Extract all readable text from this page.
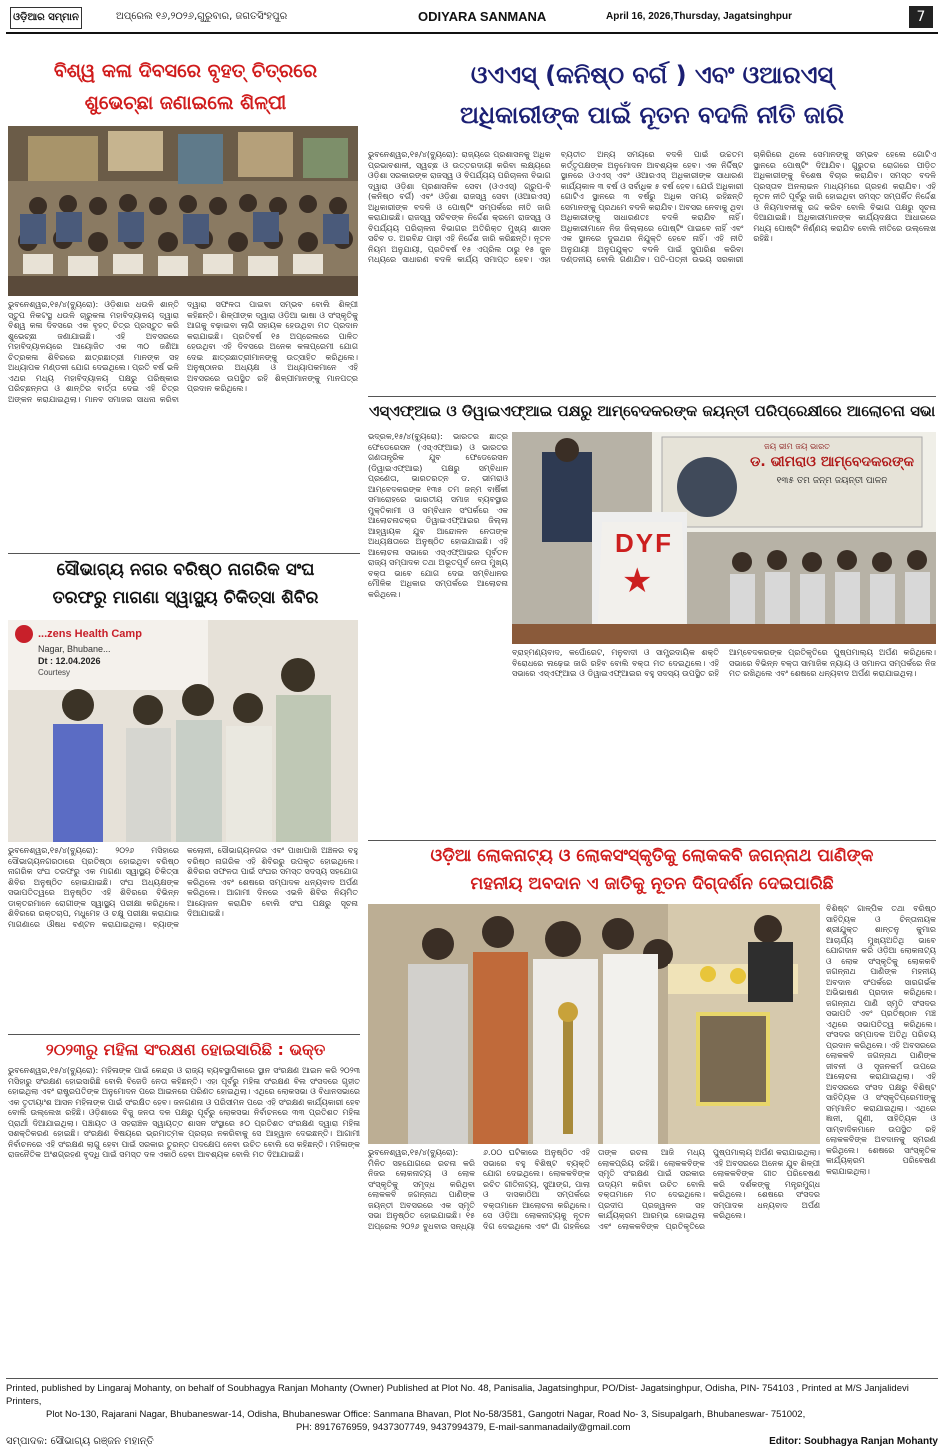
ଓଡ଼ିଆର ସମ୍ମାନ	ଅପ୍ରେଲ ୧୬,୨୦୨୬,ଗୁରୁବାର, ଜଗତସିଂହପୁର	ODIYARA SANMANA	April 16, 2026,Thursday, Jagatsinghpur	7
ବିଶ୍ୱ କଳା ଦିବସରେ ବୃହତ୍ ଚିତ୍ରରେ
ଶୁଭେଚ୍ଛା ଜଣାଇଲେ ଶିଳ୍ପୀ
ଭୁବନେଶ୍ୱର,୧୫/୪(ବ୍ୟୁରୋ): ଓଡ଼ିଶାର ଧଉଳି ଶାନ୍ତି ସ୍ତୁପ ନିକଟସ୍ଥ ଧଉଳି ଚାରୁକଳା ମହାବିଦ୍ୟାଳୟ ଦ୍ୱାରା ବିଶ୍ୱ କଳା ଦିବସରେ ଏକ ବୃହତ୍ ଚିତ୍ର ପ୍ରସ୍ତୁତ କରି ଶୁଭେଚ୍ଛା ଜଣାଯାଇଛି। ଏହି ଅବସରରେ ମହାବିଦ୍ୟାଳୟରେ ଆୟୋଜିତ ଏକ ୩୦ ଜଣିଆ ଚିତ୍ରକଳା ଶିବିରରେ ଛାତ୍ରଛାତ୍ରୀ ମାନଙ୍କ ସହ ଅଧ୍ୟାପକ ମଣ୍ଡଳୀ ଯୋଗ ଦେଇଥିଲେ। ପ୍ରତି ବର୍ଷ ଭଳି ଏଥର ମଧ୍ୟ ମହାବିଦ୍ୟାଳୟ ପକ୍ଷରୁ ପରିଷ୍କାର ପରିଚ୍ଛନ୍ନତା ଓ ଶାନ୍ତିର ବାର୍ତ୍ତା ଦେଇ ଏହି ଚିତ୍ର ଅଙ୍କନ କରାଯାଇଥିଲା। ମାନବ ସମାଜର ସାଧନା କରିବା ଦ୍ୱାରା ସଫଳତା ପାଇବା ସମ୍ଭବ ବୋଲି ଶିଳ୍ପୀ କହିଛନ୍ତି। ଶିଳ୍ପୀଙ୍କ ଦ୍ୱାରା ଓଡ଼ିଆ ଭାଷା ଓ ସଂସ୍କୃତିକୁ ଆଗକୁ ବଢ଼ାଇବା ଲାଗି ସହାୟକ ହେଉଥିବା ମତ ପ୍ରଦାନ କରାଯାଇଛି। ପ୍ରତିବର୍ଷ ୧୫ ଅପ୍ରେଲରେ ପାଳିତ ହେଉଥିବା ଏହି ଦିବସରେ ଅନେକ କଳାପ୍ରେମୀ ଯୋଗ ଦେଇ ଛାତ୍ରଛାତ୍ରୀମାନଙ୍କୁ ଉତ୍ସାହିତ କରିଥିଲେ। ଅନୁଷ୍ଠାନର ଅଧ୍ୟକ୍ଷ ଓ ଅଧ୍ୟାପକମାନେ ଏହି ଅବସରରେ ଉପସ୍ଥିତ ରହି ଶିଳ୍ପୀମାନଙ୍କୁ ମାନପତ୍ର ପ୍ରଦାନ କରିଥିଲେ।
ସୌଭାଗ୍ୟ ନଗର ବରିଷ୍ଠ ନାଗରିକ ସଂଘ
ତରଫରୁ ମାଗଣା ସ୍ୱାସ୍ଥ୍ୟ ଚିକିତ୍ସା ଶିବିର
...zens Health Camp
Nagar, Bhubane...
Dt : 12.04.2026
Courtesy
ଭୁବନେଶ୍ୱର,୧୫/୪(ବ୍ୟୁରୋ): ୨୦୨୬ ମସିହାରେ ସୌଭାଗ୍ୟନଗରଠାରେ ପ୍ରତିଷ୍ଠା ହୋଇଥିବା ବରିଷ୍ଠ ନାଗରିକ ସଂଘ ତରଫରୁ ଏକ ମାଗଣା ସ୍ୱାସ୍ଥ୍ୟ ଚିକିତ୍ସା ଶିବିର ଅନୁଷ୍ଠିତ ହୋଇଯାଇଛି। ସଂଘ ଅଧ୍ୟକ୍ଷଙ୍କ ସଭାପତିତ୍ୱରେ ଅନୁଷ୍ଠିତ ଏହି ଶିବିରରେ ବିଭିନ୍ନ ଡାକ୍ତରମାନେ ରୋଗୀଙ୍କ ସ୍ୱାସ୍ଥ୍ୟ ପରୀକ୍ଷା କରିଥିଲେ। ଶିବିରରେ ରକ୍ତଚାପ, ମଧୁମେହ ଓ ଚକ୍ଷୁ ପରୀକ୍ଷା କରାଯାଇ ମାଗଣାରେ ଔଷଧ ବଣ୍ଟନ କରାଯାଇଥିଲା। ବ୍ୟାଙ୍କ କଲୋନୀ, ସୌଭାଗ୍ୟନଗର ଏବଂ ପାଖାପାଖି ଅଞ୍ଚଳର ବହୁ ବରିଷ୍ଠ ନାଗରିକ ଏହି ଶିବିରରୁ ଉପକୃତ ହୋଇଥିଲେ। ଶିବିରର ସଫଳତା ପାଇଁ ସଂଘର ସମସ୍ତ ସଦସ୍ୟ ସହଯୋଗ କରିଥିଲେ ଏବଂ ଶେଷରେ ସମ୍ପାଦକ ଧନ୍ୟବାଦ ଅର୍ପଣ କରିଥିଲେ। ଆଗାମୀ ଦିନରେ ଏଭଳି ଶିବିର ନିୟମିତ ଆୟୋଜନ କରାଯିବ ବୋଲି ସଂଘ ପକ୍ଷରୁ ସୂଚନା ଦିଆଯାଇଛି।
୨୦୨୩ରୁ ମହିଳା ସଂରକ୍ଷଣ ହୋଇସାରିଛି : ଭକ୍ତ
ଭୁବନେଶ୍ୱର,୧୫/୪(ବ୍ୟୁରୋ): ମହିଳାଙ୍କ ପାଇଁ କେନ୍ଦ୍ର ଓ ରାଜ୍ୟ ବ୍ୟବସ୍ଥାପିକାରେ ସ୍ଥାନ ସଂରକ୍ଷଣ ଆଇନ କରି ୨୦୨୩ ମସିହାରୁ ସଂରକ୍ଷଣ ହୋଇସାରିଛି ବୋଲି ବିଜେଡି ନେତା କହିଛନ୍ତି। ଏହା ପୂର୍ବରୁ ମହିଳା ସଂରକ୍ଷଣ ବିଲ ସଂସଦରେ ଗୃହୀତ ହୋଇଥିଲା ଏବଂ ରାଷ୍ଟ୍ରପତିଙ୍କ ଅନୁମୋଦନ ପରେ ଆଇନରେ ପରିଣତ ହୋଇଥିଲା। ଏଥିରେ ଲୋକସଭା ଓ ବିଧାନସଭାରେ ଏକ ତୃତୀୟାଂଶ ଆସନ ମହିଳାଙ୍କ ପାଇଁ ସଂରକ୍ଷିତ ହେବ। ଜନଗଣନା ଓ ପରିସୀମନ ପରେ ଏହି ସଂରକ୍ଷଣ କାର୍ଯ୍ୟକାରୀ ହେବ ବୋଲି ଉଲ୍ଲେଖ ରହିଛି। ଓଡ଼ିଶାରେ ବିଜୁ ଜନତା ଦଳ ପକ୍ଷରୁ ପୂର୍ବରୁ ଲୋକସଭା ନିର୍ବାଚନରେ ୩୩ ପ୍ରତିଶତ ମହିଳା ପ୍ରାର୍ଥୀ ଦିଆଯାଇଥିଲା। ପଞ୍ଚାୟତ ଓ ସହରାଞ୍ଚଳ ସ୍ୱାୟତ୍ତ ଶାସନ ସଂସ୍ଥାରେ ୫୦ ପ୍ରତିଶତ ସଂରକ୍ଷଣ ଦ୍ୱାରା ମହିଳା ସଶକ୍ତିକରଣ ହୋଇଛି। ସଂରକ୍ଷଣ ବିଷୟରେ ଭ୍ରମାତ୍ମକ ପ୍ରଚାର ନକରିବାକୁ ସେ ଆହ୍ୱାନ ଦେଇଛନ୍ତି। ଆଗାମୀ ନିର୍ବାଚନରେ ଏହି ସଂରକ୍ଷଣ ଲାଗୁ ହେବା ପାଇଁ ସରକାର ତୁରନ୍ତ ପଦକ୍ଷେପ ନେବା ଉଚିତ ବୋଲି ସେ କହିଛନ୍ତି। ମହିଳାଙ୍କ ରାଜନୈତିକ ଅଂଶଗ୍ରହଣ ବୃଦ୍ଧି ପାଇଁ ସମସ୍ତ ଦଳ ଏକାଠି ହେବା ଆବଶ୍ୟକ ବୋଲି ମତ ଦିଆଯାଇଛି।
ଓଏଏସ୍ (କନିଷ୍ଠ ବର୍ଗ ) ଏବଂ ଓଆରଏସ୍
ଅଧିକାରୀଙ୍କ ପାଇଁ ନୂତନ ବଦଳି ନୀତି ଜାରି
ଭୁବନେଶ୍ୱର,୧୫/୪(ବ୍ୟୁରୋ): ରାଜ୍ୟରେ ପ୍ରଶାସନକୁ ଅଧିକ ପ୍ରଭାବଶାଳୀ, ସ୍ୱଚ୍ଛ ଓ ଉତ୍ତରଦାୟୀ କରିବା ଲକ୍ଷ୍ୟରେ ଓଡ଼ିଶା ସରକାରଙ୍କ ରାଜସ୍ୱ ଓ ବିପର୍ଯ୍ୟୟ ପରିଚାଳନା ବିଭାଗ ଦ୍ୱାରା ଓଡ଼ିଶା ପ୍ରଶାସନିକ ସେବା (ଓଏଏସ୍) ଗ୍ରୁପ-ବି (କନିଷ୍ଠ ବର୍ଗ) ଏବଂ ଓଡ଼ିଶା ରାଜସ୍ୱ ସେବା (ଓଆରଏସ୍) ଅଧିକାରୀଙ୍କ ବଦଳି ଓ ପୋଷ୍ଟିଂ ସମ୍ପର୍କରେ ନୀତି ଜାରି କରାଯାଇଛି। ରାଜସ୍ୱ ସଚିବଙ୍କ ନିର୍ଦ୍ଦେଶ କ୍ରମେ ରାଜସ୍ୱ ଓ ବିପର୍ଯ୍ୟୟ ପରିଚାଳନା ବିଭାଗର ଅତିରିକ୍ତ ମୁଖ୍ୟ ଶାସନ ସଚିବ ଡ. ଅରବିନ୍ଦ ପାଢ଼ୀ ଏହି ନିର୍ଦ୍ଦେଶ ଜାରି କରିଛନ୍ତି। ନୂତନ ନିୟମ ଅନୁଯାୟୀ, ପ୍ରତିବର୍ଷ ୧୫ ଏପ୍ରିଲ ଠାରୁ ୧୫ ଜୁନ ମଧ୍ୟରେ ସାଧାରଣ ବଦଳି କାର୍ଯ୍ୟ ସମାପ୍ତ ହେବ। ଏହା ବ୍ୟତୀତ ଅନ୍ୟ ସମୟରେ ବଦଳି ପାଇଁ ଉଚ୍ଚତମ କର୍ତ୍ତୃପକ୍ଷଙ୍କ ଅନୁମୋଦନ ଆବଶ୍ୟକ ହେବ। ଏକ ନିର୍ଦ୍ଦିଷ୍ଟ ସ୍ଥାନରେ ଓଏଏସ୍ ଏବଂ ଓଆରଏସ୍ ଅଧିକାରୀଙ୍କ ସାଧାରଣ କାର୍ଯ୍ୟକାଳ ୩ ବର୍ଷ ଓ ସର୍ବାଧିକ ୫ ବର୍ଷ ହେବ। ଯେଉଁ ଅଧିକାରୀ ଗୋଟିଏ ସ୍ଥାନରେ ୩ ବର୍ଷରୁ ଅଧିକ ସମୟ ରହିଛନ୍ତି ସେମାନଙ୍କୁ ପ୍ରଥମେ ବଦଳି କରାଯିବ। ଅବସର ନେବାକୁ ଥିବା ଅଧିକାରୀଙ୍କୁ ସାଧାରଣତଃ ବଦଳି କରାଯିବ ନାହିଁ। ଅଧିକାରୀମାନେ ନିଜ ଜିଲ୍ଲାରେ ପୋଷ୍ଟିଂ ପାଇବେ ନାହିଁ ଏବଂ ଏକ ସ୍ଥାନରେ ଦୁଇଥର ନିଯୁକ୍ତି ହେବେ ନାହିଁ। ଏହି ନୀତି ଅନୁଯାୟୀ ଅନୁପଯୁକ୍ତ ବଦଳି ପାଇଁ ସୁପାରିଶ କରିବା ଦଣ୍ଡନୀୟ ବୋଲି ଗଣାଯିବ। ପତି-ପତ୍ନୀ ଉଭୟ ସରକାରୀ ଚାକିରିରେ ଥିଲେ ସେମାନଙ୍କୁ ସମ୍ଭବ ହେଲେ ଗୋଟିଏ ସ୍ଥାନରେ ପୋଷ୍ଟିଂ ଦିଆଯିବ। ଗୁରୁତର ରୋଗରେ ପୀଡ଼ିତ ଅଧିକାରୀଙ୍କୁ ବିଶେଷ ବିଚାର କରାଯିବ। ସମସ୍ତ ବଦଳି ପ୍ରସ୍ତାବ ଅନଲାଇନ ମାଧ୍ୟମରେ ଗ୍ରହଣ କରାଯିବ। ଏହି ନୂତନ ନୀତି ପୂର୍ବରୁ ଜାରି ହୋଇଥିବା ସମସ୍ତ ସମ୍ପର୍କିତ ନିର୍ଦ୍ଦେଶ ଓ ନିୟମାବଳୀକୁ ରଦ୍ଦ କରିବ ବୋଲି ବିଭାଗ ପକ୍ଷରୁ ସୂଚନା ଦିଆଯାଇଛି। ଅଧିକାରୀମାନଙ୍କ କାର୍ଯ୍ୟଦକ୍ଷତା ଆଧାରରେ ମଧ୍ୟ ପୋଷ୍ଟିଂ ନିର୍ଣ୍ଣୟ କରାଯିବ ବୋଲି ନୀତିରେ ଉଲ୍ଲେଖ ରହିଛି।
ଏସ୍ଏଫ୍ଆଇ ଓ ଡିୱାଇଏଫ୍ଆଇ ପକ୍ଷରୁ ଆମ୍ବେଦକରଙ୍କ ଜୟନ୍ତୀ ପରିପ୍ରେକ୍ଷୀରେ ଆଲୋଚନା ସଭା
ଭଦ୍ରକ,୧୫/୪(ବ୍ୟୁରୋ): ଭାରତର ଛାତ୍ର ଫେଡେରେସନ (ଏସ୍ଏଫ୍ଆଇ) ଓ ଭାରତର ଗଣତାନ୍ତ୍ରିକ ଯୁବ ଫେଡେରେସନ (ଡିୱାଇଏଫ୍ଆଇ) ପକ୍ଷରୁ ସମ୍ବିଧାନ ପ୍ରଣେତା, ଭାରତରତ୍ନ ଡ. ଭୀମରାଓ ଆମ୍ବେଦକରଙ୍କ ୧୩୫ ତମ ଜନ୍ମ ବାର୍ଷିକୀ ସମାରୋହରେ ଭାରତୀୟ ସମାଜ ବ୍ୟବସ୍ଥାର ମୁକ୍ତିକାମୀ ଓ ସମ୍ବିଧାନ ସଂପର୍କରେ ଏକ ଆଲୋଚନାଚକ୍ର ଡିୱାଇଏଫ୍ଆଇର ଜିଲ୍ଲା ଆହ୍ୱାୟକ ଯୁବ ଆନ୍ଦୋଳନ ନେତାଙ୍କ ଅଧ୍ୟକ୍ଷତାରେ ଅନୁଷ୍ଠିତ ହୋଇଯାଇଛି। ଏହି ଆଲୋଚନା ସଭାରେ ଏସ୍ଏଫ୍ଆଇର ପୂର୍ବତନ ରାଜ୍ୟ ସମ୍ପାଦକ ତଥା ଅଭୂତପୂର୍ବ ନେତା ମୁଖ୍ୟ ବକ୍ତା ଭାବେ ଯୋଗ ଦେଇ ସମ୍ବିଧାନର ମୌଳିକ ଅଧିକାର ସମ୍ପର୍କରେ ଆଲୋଚନା କରିଥିଲେ।
ଜୟ ଭୀମ ଜୟ ଭାରତ
ଡ. ଭୀମରାଓ ଆମ୍ବେଦକରଙ୍କ
୧୩୫ ତମ ଜନ୍ମ ଜୟନ୍ତୀ ପାଳନ
DYF
★
ବ୍ରାହ୍ମଣ୍ୟବାଦ, କର୍ପୋରେଟ, ମନୁବାଦୀ ଓ ସାମ୍ପ୍ରଦାୟିକ ଶକ୍ତି ବିରୋଧରେ ଲଢ଼େଇ ଜାରି ରହିବ ବୋଲି ବକ୍ତା ମତ ଦେଇଥିଲେ। ଏହି ସଭାରେ ଏସ୍ଏଫ୍ଆଇ ଓ ଡିୱାଇଏଫ୍ଆଇର ବହୁ ସଦସ୍ୟ ଉପସ୍ଥିତ ରହି ଆମ୍ବେଦକରଙ୍କ ପ୍ରତିକୃତିରେ ପୁଷ୍ପମାଲ୍ୟ ଅର୍ପଣ କରିଥିଲେ। ସଭାରେ ବିଭିନ୍ନ ବକ୍ତା ସାମାଜିକ ନ୍ୟାୟ ଓ ସମାନତା ସମ୍ପର୍କରେ ନିଜ ମତ ରଖିଥିଲେ ଏବଂ ଶେଷରେ ଧନ୍ୟବାଦ ଅର୍ପଣ କରାଯାଇଥିଲା।
ଓଡ଼ିଆ ଲୋକନାଟ୍ୟ ଓ ଲୋକସଂସ୍କୃତିକୁ ଲୋକକବି ଜଗନ୍ନାଥ ପାଣିଙ୍କ
ମହନୀୟ ଅବଦାନ ଏ ଜାତିକୁ ନୂତନ ଦିଗ୍‌ଦର୍ଶନ ଦେଇପାରିଛି
ବିଶିଷ୍ଟ ଗାଳ୍ପିକ ତଥା ବରିଷ୍ଠ ସାହିତ୍ୟିକ ଓ ଚିନ୍ତାନାୟକ ଶ୍ରୀଯୁକ୍ତ ଶାନ୍ତନୁ କୁମାର ଆଚାର୍ଯ୍ୟ ମୁଖ୍ୟଅତିଥି ଭାବେ ଯୋଗଦାନ କରି ଓଡ଼ିଆ ଲୋକନାଟ୍ୟ ଓ ଲୋକ ସଂସ୍କୃତିକୁ ଲୋକକବି ଜଗନ୍ନାଥ ପାଣିଙ୍କ ମହନୀୟ ଅବଦାନ ସଂପର୍କରେ ସାରଗର୍ଭକ ଅଭିଭାଷଣ ପ୍ରଦାନ କରିଥିଲେ। ଜଗନ୍ନାଥ ପାଣି ସ୍ମୃତି ସଂସଦର ସଭାପତି ଏବଂ ପ୍ରତିଷ୍ଠାନ ମଞ୍ଚ ଏଥିରେ ସଭାପତିତ୍ୱ କରିଥିଲେ। ସଂସଦର ସମ୍ପାଦକ ଅତିଥି ପରିଚୟ ପ୍ରଦାନ କରିଥିଲେ। ଏହି ଅବସରରେ ଲୋକକବି ଜଗନ୍ନାଥ ପାଣିଙ୍କ ଜୀବନୀ ଓ ସୃଜନକର୍ମ ଉପରେ ଆଲୋଚନା କରାଯାଇଥିଲା। ଏହି ଅବସରରେ ସଂସଦ ପକ୍ଷରୁ ବିଶିଷ୍ଟ ସାହିତ୍ୟିକ ଓ ସଂସ୍କୃତିପ୍ରେମୀଙ୍କୁ ସମ୍ମାନିତ କରାଯାଇଥିଲା। ଏଥିରେ ଜ୍ଞାନୀ, ଗୁଣୀ, ସାହିତ୍ୟିକ ଓ ସାମ୍ବାଦିକମାନେ ଉପସ୍ଥିତ ରହି ଲୋକକବିଙ୍କ ଅବଦାନକୁ ସ୍ମରଣ କରିଥିଲେ। ଶେଷରେ ସାଂସ୍କୃତିକ କାର୍ଯ୍ୟକ୍ରମ ପରିବେଷଣ କରାଯାଇଥିଲା।
ଭୁବନେଶ୍ୱର,୧୫/୪(ବ୍ୟୁରୋ): ମିଳିତ ସହଯୋଗରେ ରଚନା କରି ନିଜର ଲୋକନାଟ୍ୟ ଓ ଲୋକ ସଂସ୍କୃତିକୁ ସମୃଦ୍ଧ କରିଥିବା ଲୋକକବି ଜଗନ୍ନାଥ ପାଣିଙ୍କ ଜୟନ୍ତୀ ଅବସରରେ ଏକ ସ୍ମୃତି ସଭା ଅନୁଷ୍ଠିତ ହୋଇଯାଇଛି। ୧୫ ଅପ୍ରେଲ ୨୦୨୬ ବୁଧବାର ସନ୍ଧ୍ୟା ୬.୦୦ ଘଟିକାରେ ଅନୁଷ୍ଠିତ ଏହି ସଭାରେ ବହୁ ବିଶିଷ୍ଟ ବ୍ୟକ୍ତି ଯୋଗ ଦେଇଥିଲେ। ଲୋକକବିଙ୍କ ରଚିତ ଗୀତିନାଟ୍ୟ, ସୁଆଙ୍ଗ, ପାଲା ଓ ଦାସକାଠିଆ ସମ୍ପର୍କରେ ବକ୍ତାମାନେ ଆଲୋଚନା କରିଥିଲେ। ସେ ଓଡ଼ିଆ ଲୋକନାଟ୍ୟକୁ ନୂତନ ଦିଗ ଦେଇଥିଲେ ଏବଂ ଗାଁ ଗହଳିରେ ତାଙ୍କ ରଚନା ଆଜି ମଧ୍ୟ ଲୋକପ୍ରିୟ ରହିଛି। ଲୋକକବିଙ୍କ ସ୍ମୃତି ସଂରକ୍ଷଣ ପାଇଁ ସରକାର ଉଦ୍ୟମ କରିବା ଉଚିତ ବୋଲି ବକ୍ତାମାନେ ମତ ଦେଇଥିଲେ। ପ୍ରଦୀପ ପ୍ରଜ୍ୱଳନ ସହ କାର୍ଯ୍ୟକ୍ରମ ଆରମ୍ଭ ହୋଇଥିଲା ଏବଂ ଲୋକକବିଙ୍କ ପ୍ରତିକୃତିରେ ପୁଷ୍ପମାଲ୍ୟ ଅର୍ପଣ କରାଯାଇଥିଲା। ଏହି ଅବସରରେ ଅନେକ ଯୁବ ଶିଳ୍ପୀ ଲୋକକବିଙ୍କ ଗୀତ ପରିବେଷଣ କରି ଦର୍ଶକଙ୍କୁ ମନ୍ତ୍ରମୁଗ୍ଧ କରିଥିଲେ। ଶେଷରେ ସଂସଦର ସମ୍ପାଦକ ଧନ୍ୟବାଦ ଅର୍ପଣ କରିଥିଲେ।
Printed, published by Lingaraj Mohanty, on behalf of Soubhagya Ranjan Mohanty (Owner) Published at Plot No. 48, Panisalia, Jagatsinghpur, PO/Dist- Jagatsinghpur, Odisha, PIN- 754103 , Printed at M/S Janjalidevi Printers,
Plot No-130, Rajarani Nagar, Bhubaneswar-14, Odisha, Bhubaneswar Office: Sanmana Bhavan, Plot No-58/3581, Gangotri Nagar, Road No- 3, Sisupalgarh, Bhubaneswar- 751002,
PH: 8917676959, 9437307749, 9437994379, E-mail-sanmanadaily@gmail.com
ସମ୍ପାଦକ: ସୌଭାଗ୍ୟ ରଞ୍ଜନ ମହାନ୍ତି	Editor: Soubhagya Ranjan Mohanty
